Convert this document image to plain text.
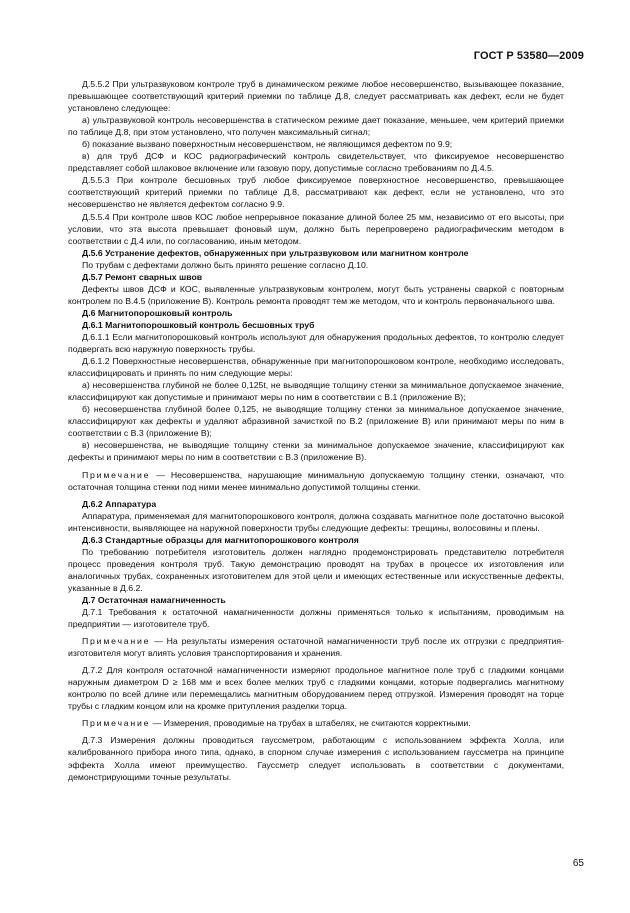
ГОСТ Р 53580—2009

Д.5.5.2 При ультразвуковом контроле труб в динамическом режиме любое несовершенство, вызывающее показание, превышающее соответствующий критерий приемки по таблице Д.8, следует рассматривать как дефект, если не будет установлено следующее:

а) ультразвуковой контроль несовершенства в статическом режиме дает показание, меньшее, чем критерий приемки по таблице Д.8, при этом установлено, что получен максимальный сигнал;

б) показание вызвано поверхностным несовершенством, не являющимся дефектом по 9.9;

в) для труб ДСФ и КОС радиографический контроль свидетельствует, что фиксируемое несовершенство представляет собой шлаковое включение или газовую пору, допустимые согласно требованиям по Д.4.5.

Д.5.5.3 При контроле бесшовных труб любое фиксируемое поверхностное несовершенство, превышающее соответствующий критерий приемки по таблице Д.8, рассматривают как дефект, если не установлено, что это несовершенство не является дефектом согласно 9.9.

Д.5.5.4 При контроле швов КОС любое непрерывное показание длиной более 25 мм, независимо от его высоты, при условии, что эта высота превышает фоновый шум, должно быть перепроверено радиографическим методом в соответствии с Д.4 или, по согласованию, иным методом.

Д.5.6 Устранение дефектов, обнаруженных при ультразвуковом или магнитном контроле

По трубам с дефектами должно быть принято решение согласно Д.10.

Д.5.7 Ремонт сварных швов

Дефекты швов ДСФ и КОС, выявленные ультразвуковым контролем, могут быть устранены сваркой с повторным контролем по В.4.5 (приложение В). Контроль ремонта проводят тем же методом, что и контроль первоначального шва.

Д.6 Магнитопорошковый контроль

Д.6.1 Магнитопорошковый контроль бесшовных труб

Д.6.1.1 Если магнитопорошковый контроль используют для обнаружения продольных дефектов, то контролю следует подвергать всю наружную поверхность трубы.

Д.6.1.2 Поверхностные несовершенства, обнаруженные при магнитопорошковом контроле, необходимо исследовать, классифицировать и принять по ним следующие меры:

а) несовершенства глубиной не более 0,125t, не выводящие толщину стенки за минимальное допускаемое значение, классифицируют как допустимые и принимают меры по ним в соответствии с В.1 (приложение В);

б) несовершенства глубиной более 0,125, не выводящие толщину стенки за минимальное допускаемое значение, классифицируют как дефекты и удаляют абразивной зачисткой по В.2 (приложение В) или принимают меры по ним в соответствии с В.3 (приложение В);

в) несовершенства, не выводящие толщину стенки за минимальное допускаемое значение, классифицируют как дефекты и принимают меры по ним в соответствии с В.3 (приложение В).

Примечание — Несовершенства, нарушающие минимальную допускаемую толщину стенки, означают, что остаточная толщина стенки под ними менее минимально допустимой толщины стенки.

Д.6.2 Аппаратура

Аппаратура, применяемая для магнитопорошкового контроля, должна создавать магнитное поле достаточно высокой интенсивности, выявляющее на наружной поверхности трубы следующие дефекты: трещины, волосовины и плены.

Д.6.3 Стандартные образцы для магнитопорошкового контроля

По требованию потребителя изготовитель должен наглядно продемонстрировать представителю потребителя процесс проведения контроля труб. Такую демонстрацию проводят на трубах в процессе их изготовления или аналогичных трубах, сохраненных изготовителем для этой цели и имеющих естественные или искусственные дефекты, указанные в Д.6.2.

Д.7 Остаточная намагниченность

Д.7.1 Требования к остаточной намагниченности должны применяться только к испытаниям, проводимым на предприятии — изготовителе труб.

Примечание — На результаты измерения остаточной намагниченности труб после их отгрузки с предприятия-изготовителя могут влиять условия транспортирования и хранения.

Д.7.2 Для контроля остаточной намагниченности измеряют продольное магнитное поле труб с гладкими концами наружным диаметром D ≥ 168 мм и всех более мелких труб с гладкими концами, которые подвергались магнитному контролю по всей длине или перемещались магнитным оборудованием перед отгрузкой. Измерения проводят на торце трубы с гладким концом или на кромке притупления разделки торца.

Примечание — Измерения, проводимые на трубах в штабелях, не считаются корректными.

Д.7.3 Измерения должны проводиться гауссметром, работающим с использованием эффекта Холла, или калиброванного прибора иного типа, однако, в спорном случае измерения с использованием гауссметра на принципе эффекта Холла имеют преимущество. Гауссметр следует использовать в соответствии с документами, демонстрирующими точные результаты.

65
